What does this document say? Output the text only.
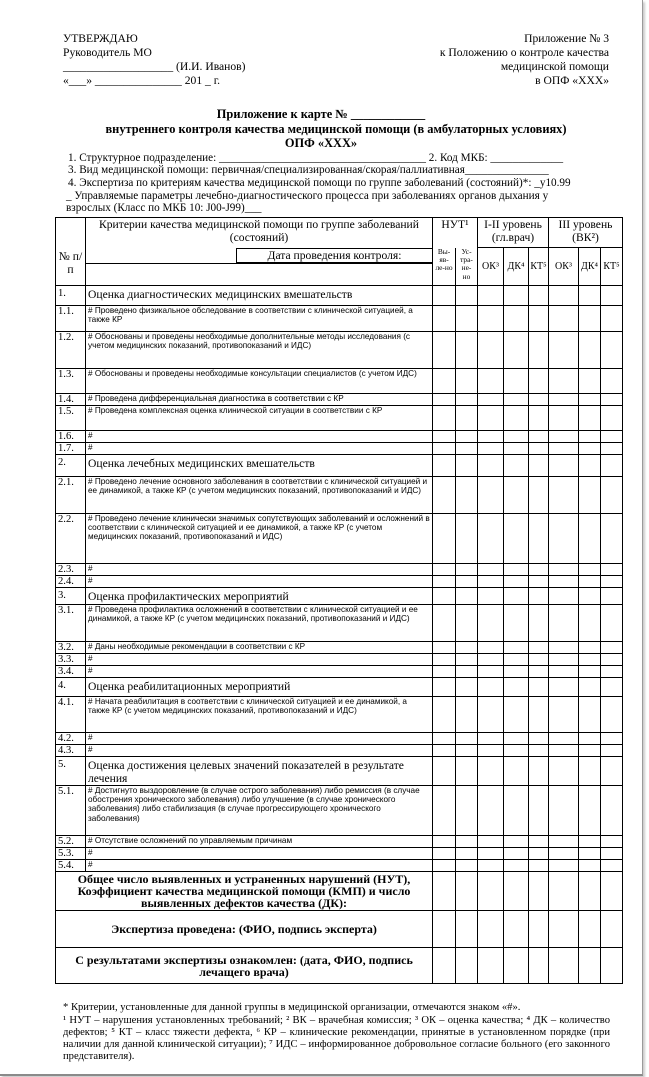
УТВЕРЖДАЮ
Руководитель МО
___________________ (И.И. Иванов)
«___» _______________ 201 _ г.
Приложение № 3
к Положению о контроле качества
медицинской помощи
в ОПФ «XXX»
Приложение к карте № ____________
внутреннего контроля качества медицинской помощи (в амбулаторных условиях)
ОПФ «XXX»
1. Структурное подразделение: _____________________________________ 2. Код МКБ: _____________
3. Вид медицинской помощи: первичная/специализированная/скорая/паллиативная_______________
4. Экспертиза по критериям качества медицинской помощи по группе заболеваний (состояний)*: _у10.99
_ Управляемые параметры лечебно-диагностического процесса при заболеваниях органов дыхания у
взрослых (Класс по МКБ 10: J00-J99)___
	Критерии качества медицинской помощи по группе заболеваний (состояний)	НУТ¹		I-II уровень (гл.врач)			III уровень (ВК²)		
№ п/п	Дата проведения контроля:	Вы-яв-ле-но	Ус-тра-не-но	ОК³	ДК⁴	КТ⁵	ОК³	ДК⁴	КТ⁵

1.	Оценка диагностических медицинских вмешательств								
1.1.	# Проведено физикальное обследование в соответствии с клинической ситуацией, а также КР								
1.2.	# Обоснованы и проведены необходимые дополнительные методы исследования (с учетом медицинских показаний, противопоказаний и ИДС)								
1.3.	# Обоснованы и проведены необходимые консультации специалистов (с учетом ИДС)								
1.4.	# Проведена дифференциальная диагностика в соответствии с КР								
1.5.	# Проведена комплексная оценка клинической ситуации в соответствии с КР								
1.6.	#								
1.7.	#								
2.	Оценка лечебных медицинских вмешательств								
2.1.	# Проведено лечение основного заболевания в соответствии с клинической ситуацией и ее динамикой, а также КР (с учетом медицинских показаний, противопоказаний и ИДС)								
2.2.	# Проведено лечение клинически значимых сопутствующих заболеваний и осложнений в соответствии с клинической ситуацией и ее динамикой, а также КР (с учетом медицинских показаний, противопоказаний и ИДС)								
2.3.	#								
2.4.	#								
3.	Оценка профилактических мероприятий								
3.1.	# Проведена профилактика осложнений в соответствии с клинической ситуацией и ее динамикой, а также КР (с учетом медицинских показаний, противопоказаний и ИДС)								
3.2.	# Даны необходимые рекомендации в соответствии с КР								
3.3.	#								
3.4.	#								
4.	Оценка реабилитационных мероприятий								
4.1.	# Начата реабилитация в соответствии с клинической ситуацией и ее динамикой, а также КР (с учетом медицинских показаний, противопоказаний и ИДС)								
4.2.	#								
4.3.	#								
5.	Оценка достижения целевых значений показателей в результате лечения								
5.1.	# Достигнуто выздоровление (в случае острого заболевания) либо ремиссия (в случае обострения хронического заболевания) либо улучшение (в случае хронического заболевания) либо стабилизация (в случае прогрессирующего хронического заболевания)								
5.2.	# Отсутствие осложнений по управляемым причинам								
5.3.	#								
5.4.	#								
Общее число выявленных и устраненных нарушений (НУТ), Коэффициент качества медицинской помощи (КМП) и число выявленных дефектов качества (ДК):									
Экспертиза проведена: (ФИО, подпись эксперта)									
С результатами экспертизы ознакомлен: (дата, ФИО, подпись лечащего врача)									
* Критерии, установленные для данной группы в медицинской организации, отмечаются знаком «#».
¹ НУТ – нарушения установленных требований; ² ВК – врачебная комиссия; ³ ОК – оценка качества; ⁴ ДК – количество дефектов; ⁵ КТ – класс тяжести дефекта, ⁶ КР – клинические рекомендации, принятые в установленном порядке (при наличии для данной клинической ситуации); ⁷ ИДС – информированное добровольное согласие больного (его законного представителя).
